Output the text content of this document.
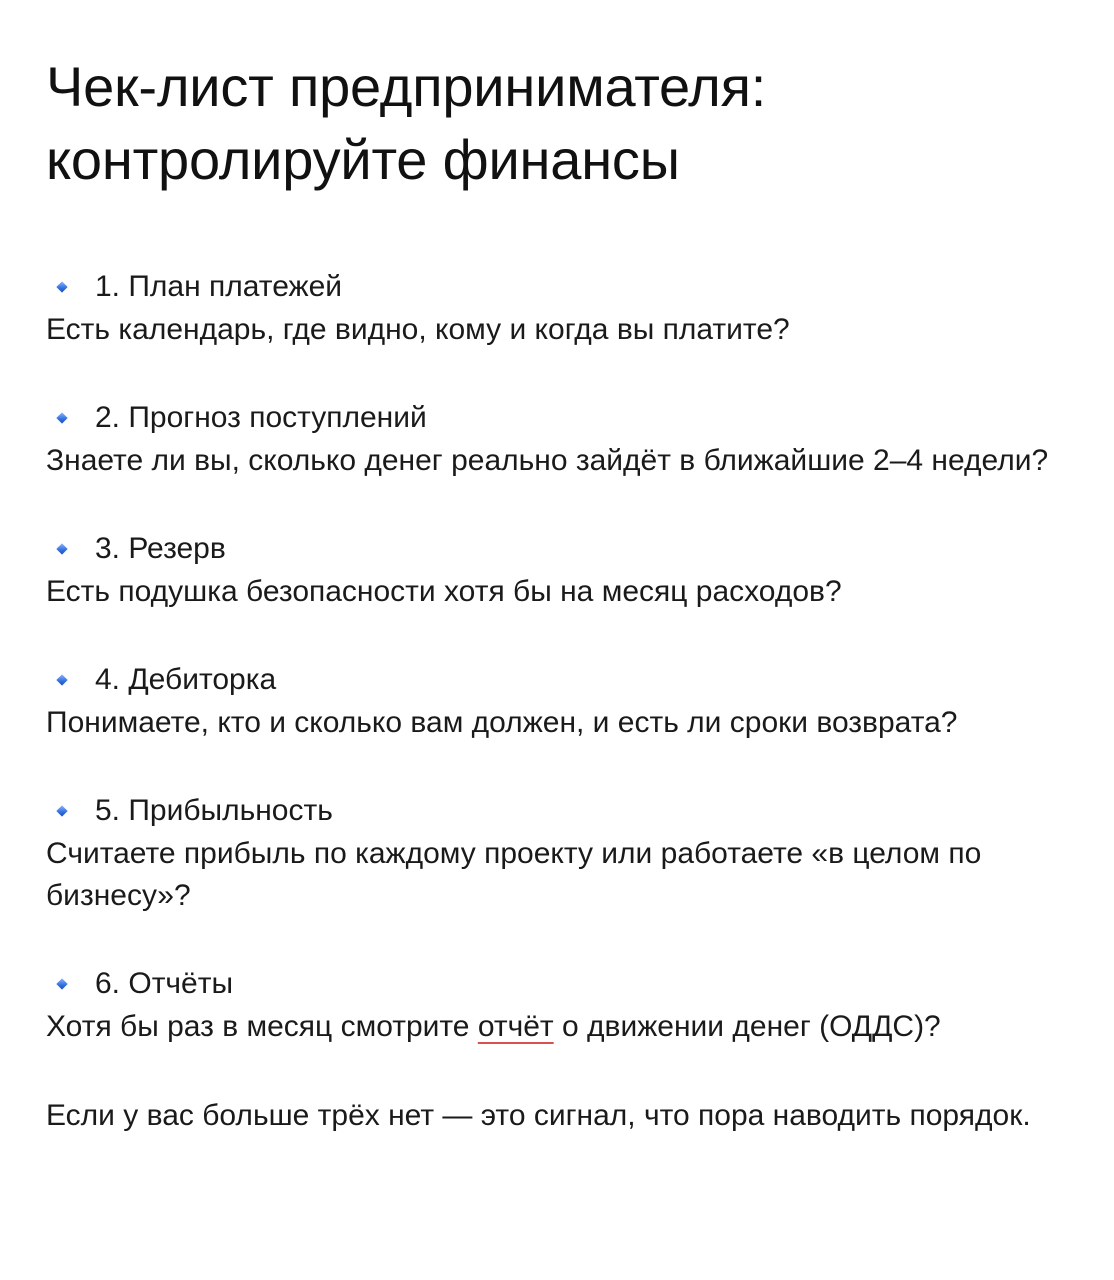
Чек-лист предпринимателя:
контролируйте финансы
1. План платежей

Есть календарь, где видно, кому и когда вы платите?

2. Прогноз поступлений

Знаете ли вы, сколько денег реально зайдёт в ближайшие 2–4 недели?

3. Резерв

Есть подушка безопасности хотя бы на месяц расходов?

4. Дебиторка

Понимаете, кто и сколько вам должен, и есть ли сроки возврата?

5. Прибыльность

Считаете прибыль по каждому проекту или работаете «в целом по бизнесу»?

6. Отчёты

Хотя бы раз в месяц смотрите отчёт о движении денег (ОДДС)?

Если у вас больше трёх нет — это сигнал, что пора наводить порядок.
